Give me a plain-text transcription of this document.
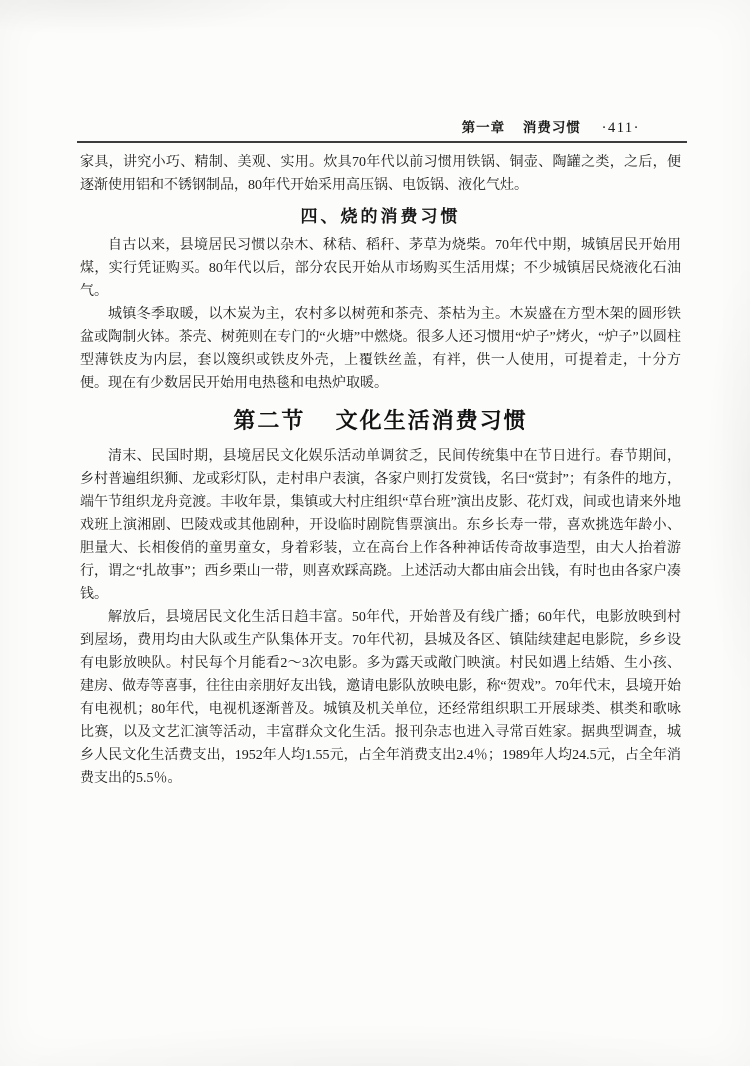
第一章 消费习惯 ·411·

家具，讲究小巧、精制、美观、实用。炊具70年代以前习惯用铁锅、铜壶、陶罐之类，之后，便逐渐使用铝和不锈钢制品，80年代开始采用高压锅、电饭锅、液化气灶。

四、烧的消费习惯

自古以来，县境居民习惯以杂木、秫秸、稻秆、茅草为烧柴。70年代中期，城镇居民开始用煤，实行凭证购买。80年代以后，部分农民开始从市场购买生活用煤；不少城镇居民烧液化石油气。

城镇冬季取暖，以木炭为主，农村多以树蔸和茶壳、茶枯为主。木炭盛在方型木架的圆形铁盆或陶制火钵。茶壳、树蔸则在专门的“火塘”中燃烧。很多人还习惯用“炉子”烤火，“炉子”以圆柱型薄铁皮为内层，套以篾织或铁皮外壳，上覆铁丝盖，有袢，供一人使用，可提着走，十分方便。现在有少数居民开始用电热毯和电热炉取暖。

第二节 文化生活消费习惯

清末、民国时期，县境居民文化娱乐活动单调贫乏，民间传统集中在节日进行。春节期间，乡村普遍组织狮、龙或彩灯队，走村串户表演，各家户则打发赏钱，名曰“赏封”；有条件的地方，端午节组织龙舟竞渡。丰收年景，集镇或大村庄组织“草台班”演出皮影、花灯戏，间或也请来外地戏班上演湘剧、巴陵戏或其他剧种，开设临时剧院售票演出。东乡长寿一带，喜欢挑选年龄小、胆量大、长相俊俏的童男童女，身着彩装，立在高台上作各种神话传奇故事造型，由大人抬着游行，谓之“扎故事”；西乡栗山一带，则喜欢踩高跷。上述活动大都由庙会出钱，有时也由各家户凑钱。

解放后，县境居民文化生活日趋丰富。50年代，开始普及有线广播；60年代，电影放映到村到屋场，费用均由大队或生产队集体开支。70年代初，县城及各区、镇陆续建起电影院，乡乡设有电影放映队。村民每个月能看2～3次电影。多为露天或敞门映演。村民如遇上结婚、生小孩、建房、做寿等喜事，往往由亲朋好友出钱，邀请电影队放映电影，称“贺戏”。70年代末，县境开始有电视机；80年代，电视机逐渐普及。城镇及机关单位，还经常组织职工开展球类、棋类和歌咏比赛，以及文艺汇演等活动，丰富群众文化生活。报刊杂志也进入寻常百姓家。据典型调查，城乡人民文化生活费支出，1952年人均1.55元，占全年消费支出2.4％；1989年人均24.5元，占全年消费支出的5.5％。
